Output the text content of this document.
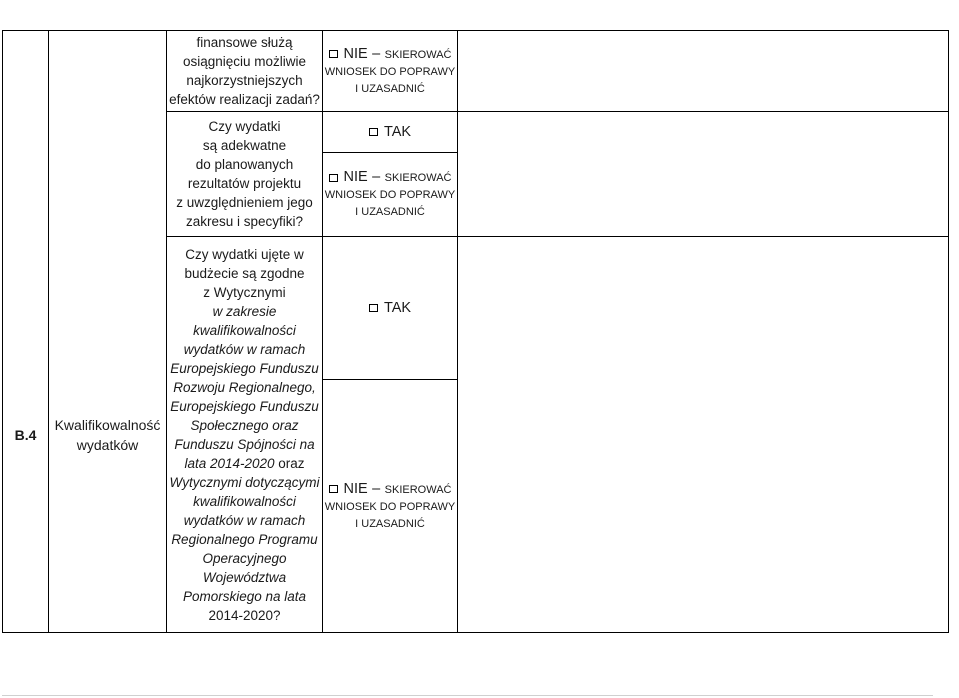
B.4
Kwalifikowalność
wydatków
finansowe służą
osiągnięciu możliwie
najkorzystniejszych
efektów realizacji zadań?
Czy wydatki
są adekwatne
do planowanych
rezultatów projektu
z uwzględnieniem jego
zakresu i specyfiki?
Czy wydatki ujęte w
budżecie są zgodne
z Wytycznymi
w zakresie
kwalifikowalności
wydatków w ramach
Europejskiego Funduszu
Rozwoju Regionalnego,
Europejskiego Funduszu
Społecznego oraz
Funduszu Spójności na
lata 2014-2020 oraz
Wytycznymi dotyczącymi
kwalifikowalności
wydatków w ramach
Regionalnego Programu
Operacyjnego
Województwa
Pomorskiego na lata
2014-2020?
NIE – SKIEROWAĆ
WNIOSEK DO POPRAWY
I UZASADNIĆ
TAK
NIE – SKIEROWAĆ
WNIOSEK DO POPRAWY
I UZASADNIĆ
TAK
NIE – SKIEROWAĆ
WNIOSEK DO POPRAWY
I UZASADNIĆ
